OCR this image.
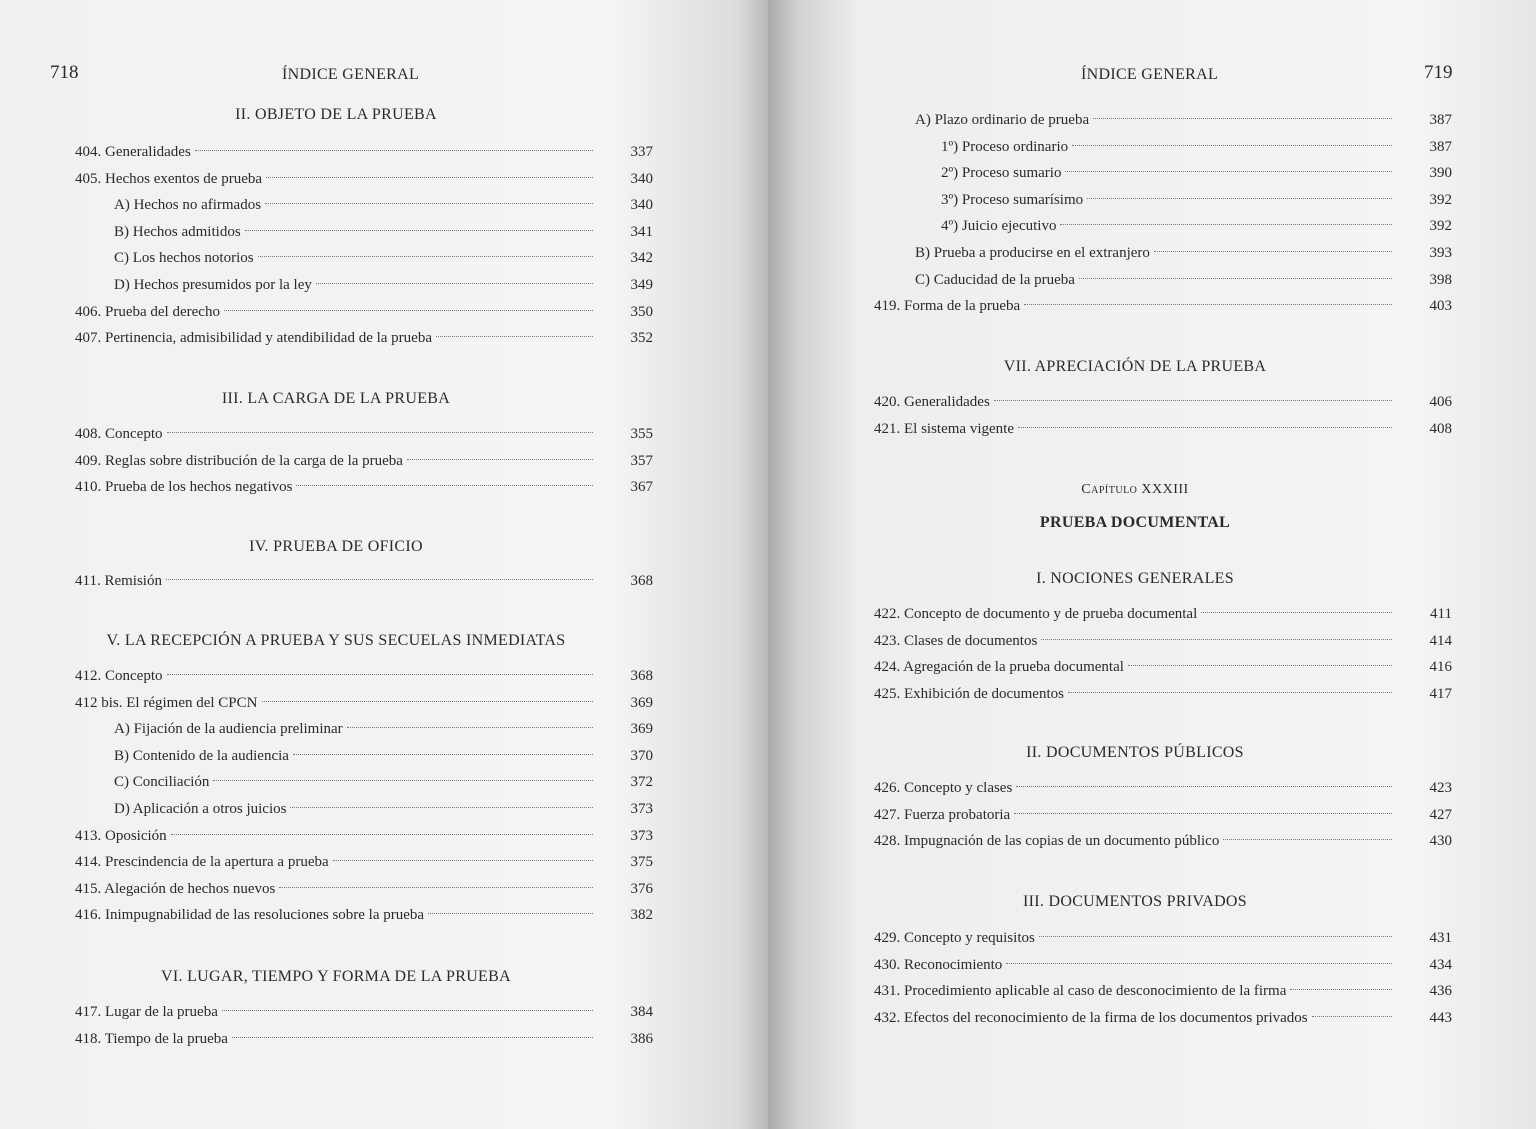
718	ÍNDICE GENERAL
II. OBJETO DE LA PRUEBA
404. Generalidades	337
405. Hechos exentos de prueba	340
A) Hechos no afirmados	340
B) Hechos admitidos	341
C) Los hechos notorios	342
D) Hechos presumidos por la ley	349
406. Prueba del derecho	350
407. Pertinencia, admisibilidad y atendibilidad de la prueba	352
III. LA CARGA DE LA PRUEBA
408. Concepto	355
409. Reglas sobre distribución de la carga de la prueba	357
410. Prueba de los hechos negativos	367
IV. PRUEBA DE OFICIO
411. Remisión	368
V. LA RECEPCIÓN A PRUEBA Y SUS SECUELAS INMEDIATAS
412. Concepto	368
412 bis. El régimen del CPCN	369
A) Fijación de la audiencia preliminar	369
B) Contenido de la audiencia	370
C) Conciliación	372
D) Aplicación a otros juicios	373
413. Oposición	373
414. Prescindencia de la apertura a prueba	375
415. Alegación de hechos nuevos	376
416. Inimpugnabilidad de las resoluciones sobre la prueba	382
VI. LUGAR, TIEMPO Y FORMA DE LA PRUEBA
417. Lugar de la prueba	384
418. Tiempo de la prueba	386
ÍNDICE GENERAL	719
A) Plazo ordinario de prueba	387
1º) Proceso ordinario	387
2º) Proceso sumario	390
3º) Proceso sumarísimo	392
4º) Juicio ejecutivo	392
B) Prueba a producirse en el extranjero	393
C) Caducidad de la prueba	398
419. Forma de la prueba	403
VII. APRECIACIÓN DE LA PRUEBA
420. Generalidades	406
421. El sistema vigente	408
Capítulo XXXIII
PRUEBA DOCUMENTAL
I. NOCIONES GENERALES
422. Concepto de documento y de prueba documental	411
423. Clases de documentos	414
424. Agregación de la prueba documental	416
425. Exhibición de documentos	417
II. DOCUMENTOS PÚBLICOS
426. Concepto y clases	423
427. Fuerza probatoria	427
428. Impugnación de las copias de un documento público	430
III. DOCUMENTOS PRIVADOS
429. Concepto y requisitos	431
430. Reconocimiento	434
431. Procedimiento aplicable al caso de desconocimiento de la firma	436
432. Efectos del reconocimiento de la firma de los documentos privados	443
